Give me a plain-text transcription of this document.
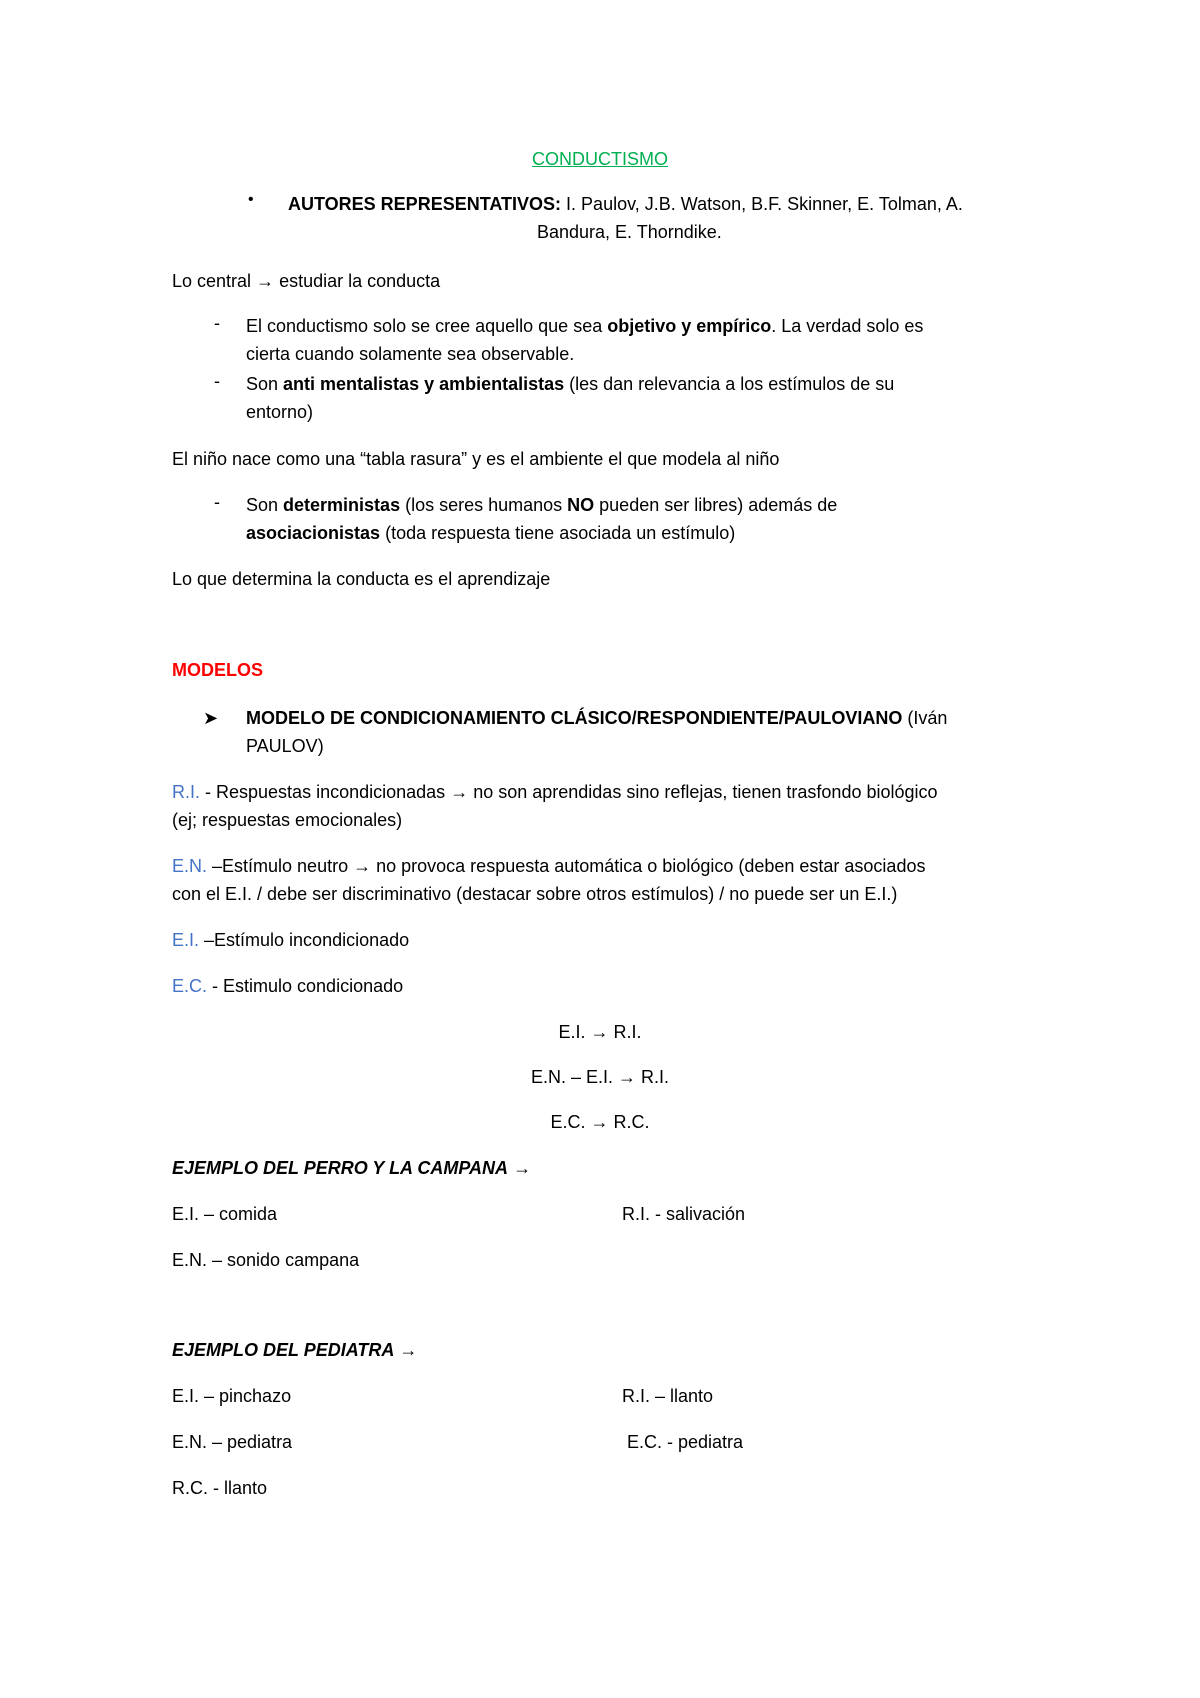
CONDUCTISMO
• AUTORES REPRESENTATIVOS: I. Paulov, J.B. Watson, B.F. Skinner, E. Tolman, A.
Bandura, E. Thorndike.
Lo central → estudiar la conducta
- El conductismo solo se cree aquello que sea objetivo y empírico. La verdad solo es
cierta cuando solamente sea observable.
- Son anti mentalistas y ambientalistas (les dan relevancia a los estímulos de su
entorno)
El niño nace como una “tabla rasura” y es el ambiente el que modela al niño
- Son deterministas (los seres humanos NO pueden ser libres) además de
asociacionistas (toda respuesta tiene asociada un estímulo)
Lo que determina la conducta es el aprendizaje
MODELOS
➤ MODELO DE CONDICIONAMIENTO CLÁSICO/RESPONDIENTE/PAULOVIANO (Iván
PAULOV)
R.I. - Respuestas incondicionadas → no son aprendidas sino reflejas, tienen trasfondo biológico
(ej; respuestas emocionales)
E.N. –Estímulo neutro → no provoca respuesta automática o biológico (deben estar asociados
con el E.I. / debe ser discriminativo (destacar sobre otros estímulos) / no puede ser un E.I.)
E.I. –Estímulo incondicionado
E.C. - Estimulo condicionado
E.I. → R.I.
E.N. – E.I. → R.I.
E.C. → R.C.
EJEMPLO DEL PERRO Y LA CAMPANA →
E.I. – comida	R.I. - salivación
E.N. – sonido campana
EJEMPLO DEL PEDIATRA →
E.I. – pinchazo	R.I. – llanto
E.N. – pediatra	E.C. - pediatra
R.C. - llanto
